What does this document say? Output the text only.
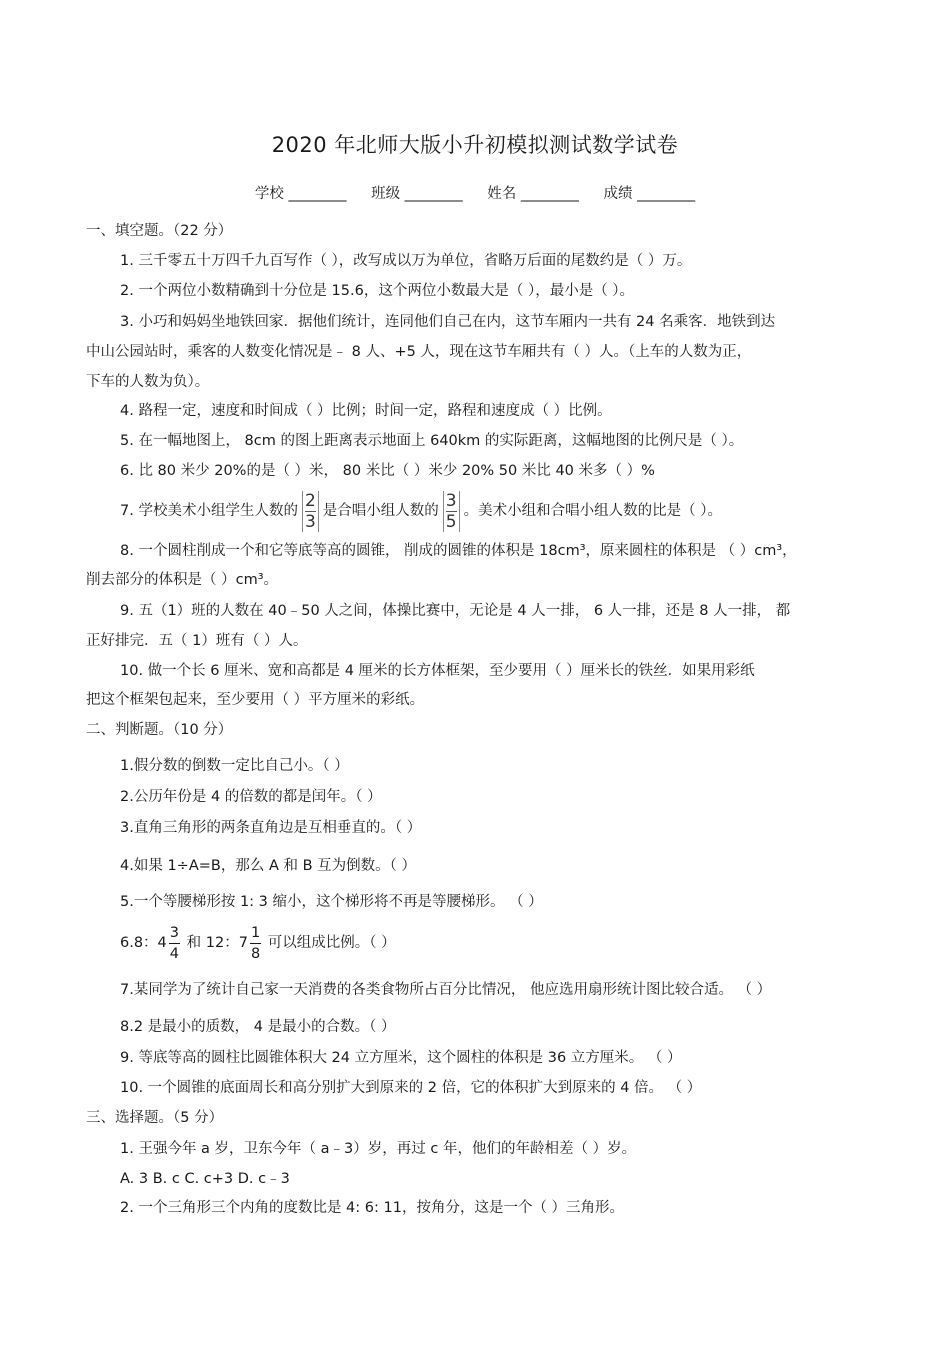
2020 年北师大版小升初模拟测试数学试卷
学校 ________ 班级 ________ 姓名 ________ 成绩 ________
一、填空题。（22 分）
1. 三千零五十万四千九百写作（ ），改写成以万为单位，省略万后面的尾数约是（ ）万。
2. 一个两位小数精确到十分位是 15.6，这个两位小数最大是（ ），最小是（ ）。
3. 小巧和妈妈坐地铁回家．据他们统计，连同他们自己在内，这节车厢内一共有 24 名乘客．地铁到达
中山公园站时，乘客的人数变化情况是﹣ 8 人、+5 人，现在这节车厢共有（ ）人。（上车的人数为正，
下车的人数为负）。
4. 路程一定，速度和时间成（ ）比例；时间一定，路程和速度成（ ）比例。
5. 在一幅地图上， 8cm 的图上距离表示地面上 640km 的实际距离，这幅地图的比例尺是（ ）。
6. 比 80 米少 20%的是（ ）米， 80 米比（ ）米少 20% 50 米比 40 米多（ ）%
7. 学校美术小组学生人数的 $\frac{2}{3}$ 是合唱小组人数的 $\frac{3}{5}$ 。美术小组和合唱小组人数的比是（ ）。
8. 一个圆柱削成一个和它等底等高的圆锥， 削成的圆锥的体积是 18cm³，原来圆柱的体积是 （ ）cm³，
削去部分的体积是（ ）cm³。
9. 五（1）班的人数在 40﹣50 人之间，体操比赛中，无论是 4 人一排， 6 人一排，还是 8 人一排， 都
正好排完．五（ 1）班有（ ）人。
10. 做一个长 6 厘米、宽和高都是 4 厘米的长方体框架，至少要用（ ）厘米长的铁丝．如果用彩纸
把这个框架包起来，至少要用（ ）平方厘米的彩纸。
二、判断题。（10 分）
1.假分数的倒数一定比自己小。（ ）
2.公历年份是 4 的倍数的都是闰年。（ ）
3.直角三角形的两条直角边是互相垂直的。（ ）
4.如果 1÷A=B，那么 A 和 B 互为倒数。（ ）
5.一个等腰梯形按 1: 3 缩小，这个梯形将不再是等腰梯形。 （ ）
6.8：$4 \frac{3}{4}$ 和 12：$7 \frac{1}{8}$ 可以组成比例。（ ）
7.某同学为了统计自己家一天消费的各类食物所占百分比情况， 他应选用扇形统计图比较合适。 （ ）
8.2 是最小的质数， 4 是最小的合数。（ ）
9. 等底等高的圆柱比圆锥体积大 24 立方厘米，这个圆柱的体积是 36 立方厘米。 （ ）
10. 一个圆锥的底面周长和高分别扩大到原来的 2 倍，它的体积扩大到原来的 4 倍。 （ ）
三、选择题。（5 分）
1. 王强今年 a 岁，卫东今年（ a﹣3）岁，再过 c 年，他们的年龄相差（ ）岁。
A. 3 B. c C. c+3 D. c﹣3
2. 一个三角形三个内角的度数比是 4: 6: 11，按角分，这是一个（ ）三角形。
